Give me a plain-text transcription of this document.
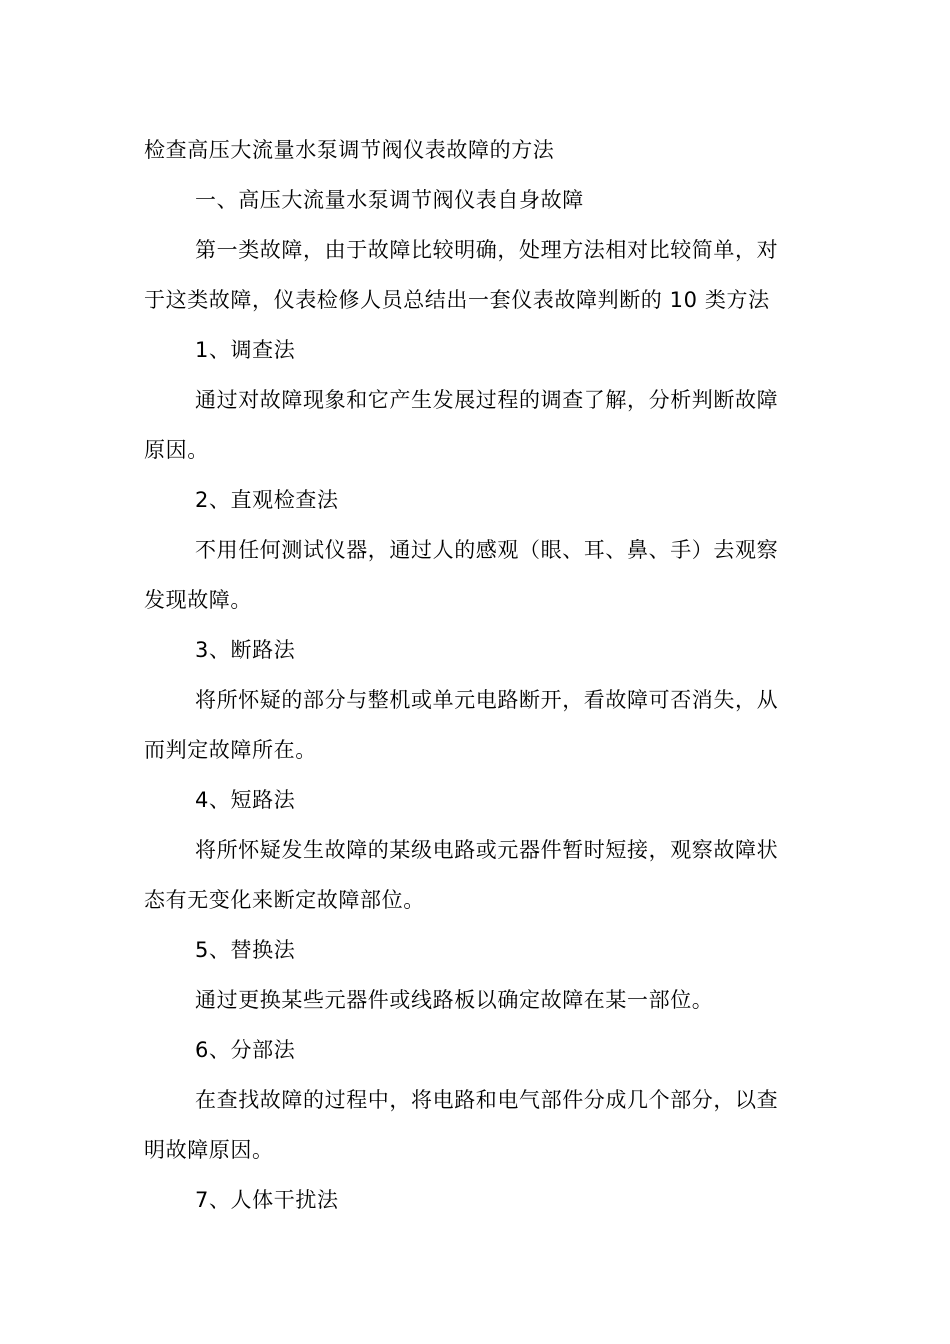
检查高压大流量水泵调节阀仪表故障的方法
一、高压大流量水泵调节阀仪表自身故障
第一类故障，由于故障比较明确，处理方法相对比较简单，对
于这类故障，仪表检修人员总结出一套仪表故障判断的 10 类方法
1、调查法
通过对故障现象和它产生发展过程的调查了解，分析判断故障
原因。
2、直观检查法
不用任何测试仪器，通过人的感观（眼、耳、鼻、手）去观察
发现故障。
3、断路法
将所怀疑的部分与整机或单元电路断开，看故障可否消失，从
而判定故障所在。
4、短路法
将所怀疑发生故障的某级电路或元器件暂时短接，观察故障状
态有无变化来断定故障部位。
5、替换法
通过更换某些元器件或线路板以确定故障在某一部位。
6、分部法
在查找故障的过程中，将电路和电气部件分成几个部分，以查
明故障原因。
7、人体干扰法
